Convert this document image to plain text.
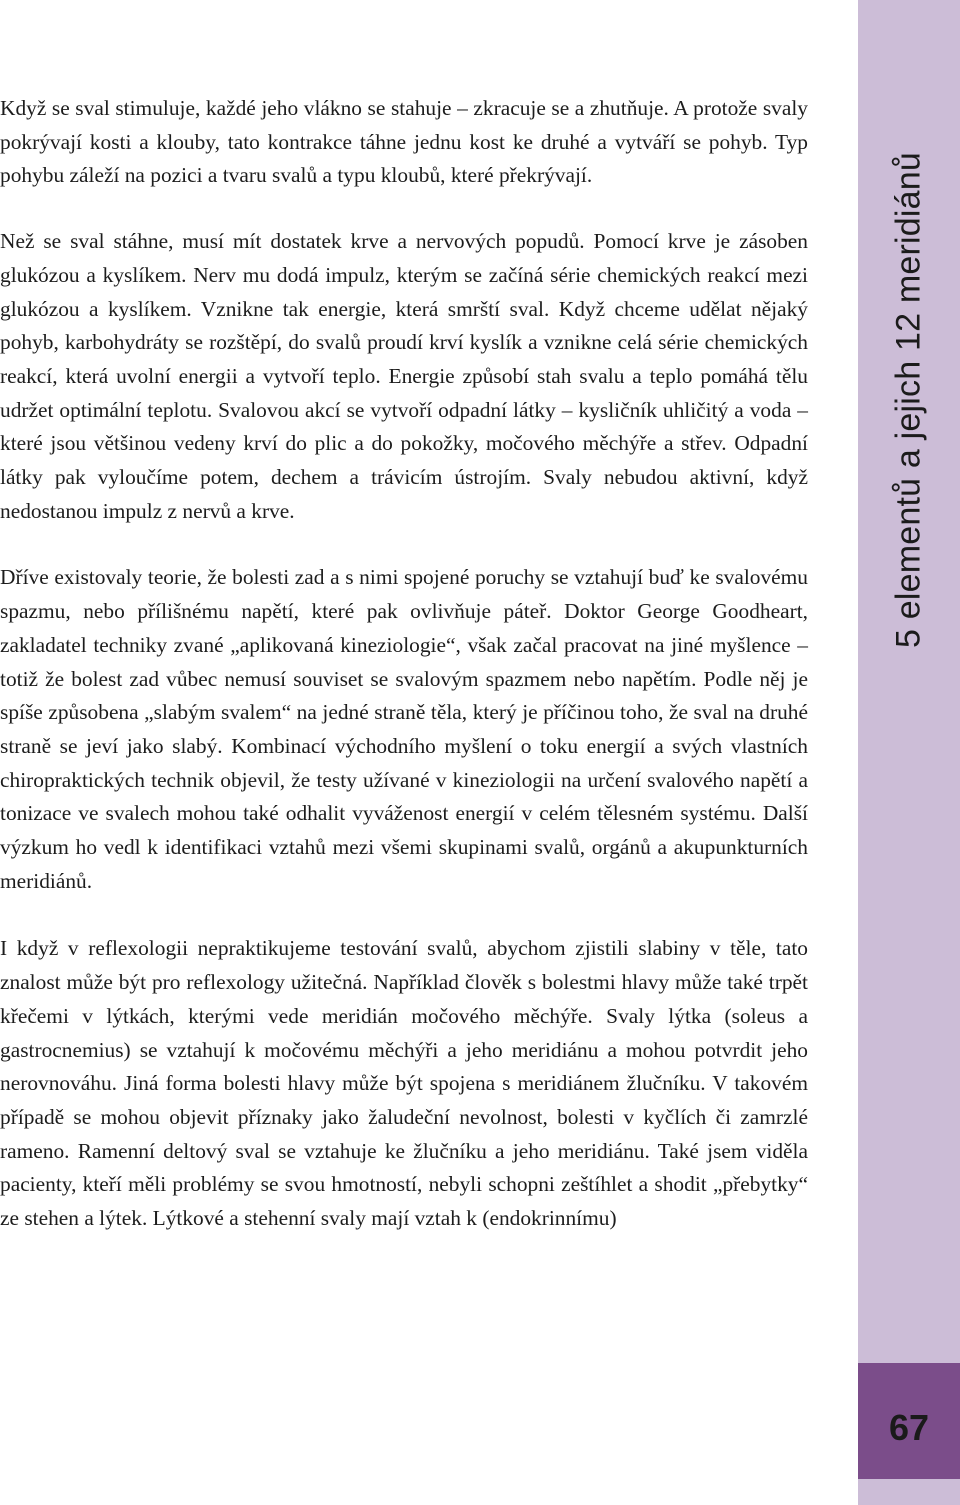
Když se sval stimuluje, každé jeho vlákno se stahuje – zkracuje se a zhutňuje. A protože svaly pokrývají kosti a klouby, tato kontrakce táhne jednu kost ke druhé a vytváří se pohyb. Typ pohybu záleží na pozici a tvaru svalů a typu kloubů, které překrývají.

Než se sval stáhne, musí mít dostatek krve a nervových popudů. Pomocí krve je zásoben glukózou a kyslíkem. Nerv mu dodá impulz, kterým se začíná série chemických reakcí mezi glukózou a kyslíkem. Vznikne tak energie, která smrští sval. Když chceme udělat nějaký pohyb, karbohydráty se rozštěpí, do svalů proudí krví kyslík a vznikne celá série chemických reakcí, která uvolní energii a vytvoří teplo. Energie způsobí stah svalu a teplo pomáhá tělu udržet optimální teplotu. Svalovou akcí se vytvoří odpadní látky – kysličník uhličitý a voda – které jsou většinou vedeny krví do plic a do pokožky, močového měchýře a střev. Odpadní látky pak vyloučíme potem, dechem a trávicím ústrojím. Svaly nebudou aktivní, když nedostanou impulz z nervů a krve.

Dříve existovaly teorie, že bolesti zad a s nimi spojené poruchy se vztahují buď ke svalovému spazmu, nebo přílišnému napětí, které pak ovlivňuje páteř. Doktor George Goodheart, zakladatel techniky zvané „aplikovaná kineziologie“, však začal pracovat na jiné myšlence – totiž že bolest zad vůbec nemusí souviset se svalovým spazmem nebo napětím. Podle něj je spíše způsobena „slabým svalem“ na jedné straně těla, který je příčinou toho, že sval na druhé straně se jeví jako slabý. Kombinací východního myšlení o toku energií a svých vlastních chiropraktických technik objevil, že testy užívané v kineziologii na určení svalového napětí a tonizace ve svalech mohou také odhalit vyváženost energií v celém tělesném systému. Další výzkum ho vedl k identifikaci vztahů mezi všemi skupinami svalů, orgánů a akupunkturních meridiánů.

I když v reflexologii nepraktikujeme testování svalů, abychom zjistili slabiny v těle, tato znalost může být pro reflexology užitečná. Například člověk s bolestmi hlavy může také trpět křečemi v lýtkách, kterými vede meridián močového měchýře. Svaly lýtka (soleus a gastrocnemius) se vztahují k močovému měchýři a jeho meridiánu a mohou potvrdit jeho nerovnováhu. Jiná forma bolesti hlavy může být spojena s meridiánem žlučníku. V takovém případě se mohou objevit příznaky jako žaludeční nevolnost, bolesti v kyčlích či zamrzlé rameno. Ramenní deltový sval se vztahuje ke žlučníku a jeho meridiánu. Také jsem viděla pacienty, kteří měli problémy se svou hmotností, nebyli schopni zeštíhlet a shodit „přebytky“ ze stehen a lýtek. Lýtkové a stehenní svaly mají vztah k (endokrinnímu)

5 elementů a jejich 12 meridiánů
67
